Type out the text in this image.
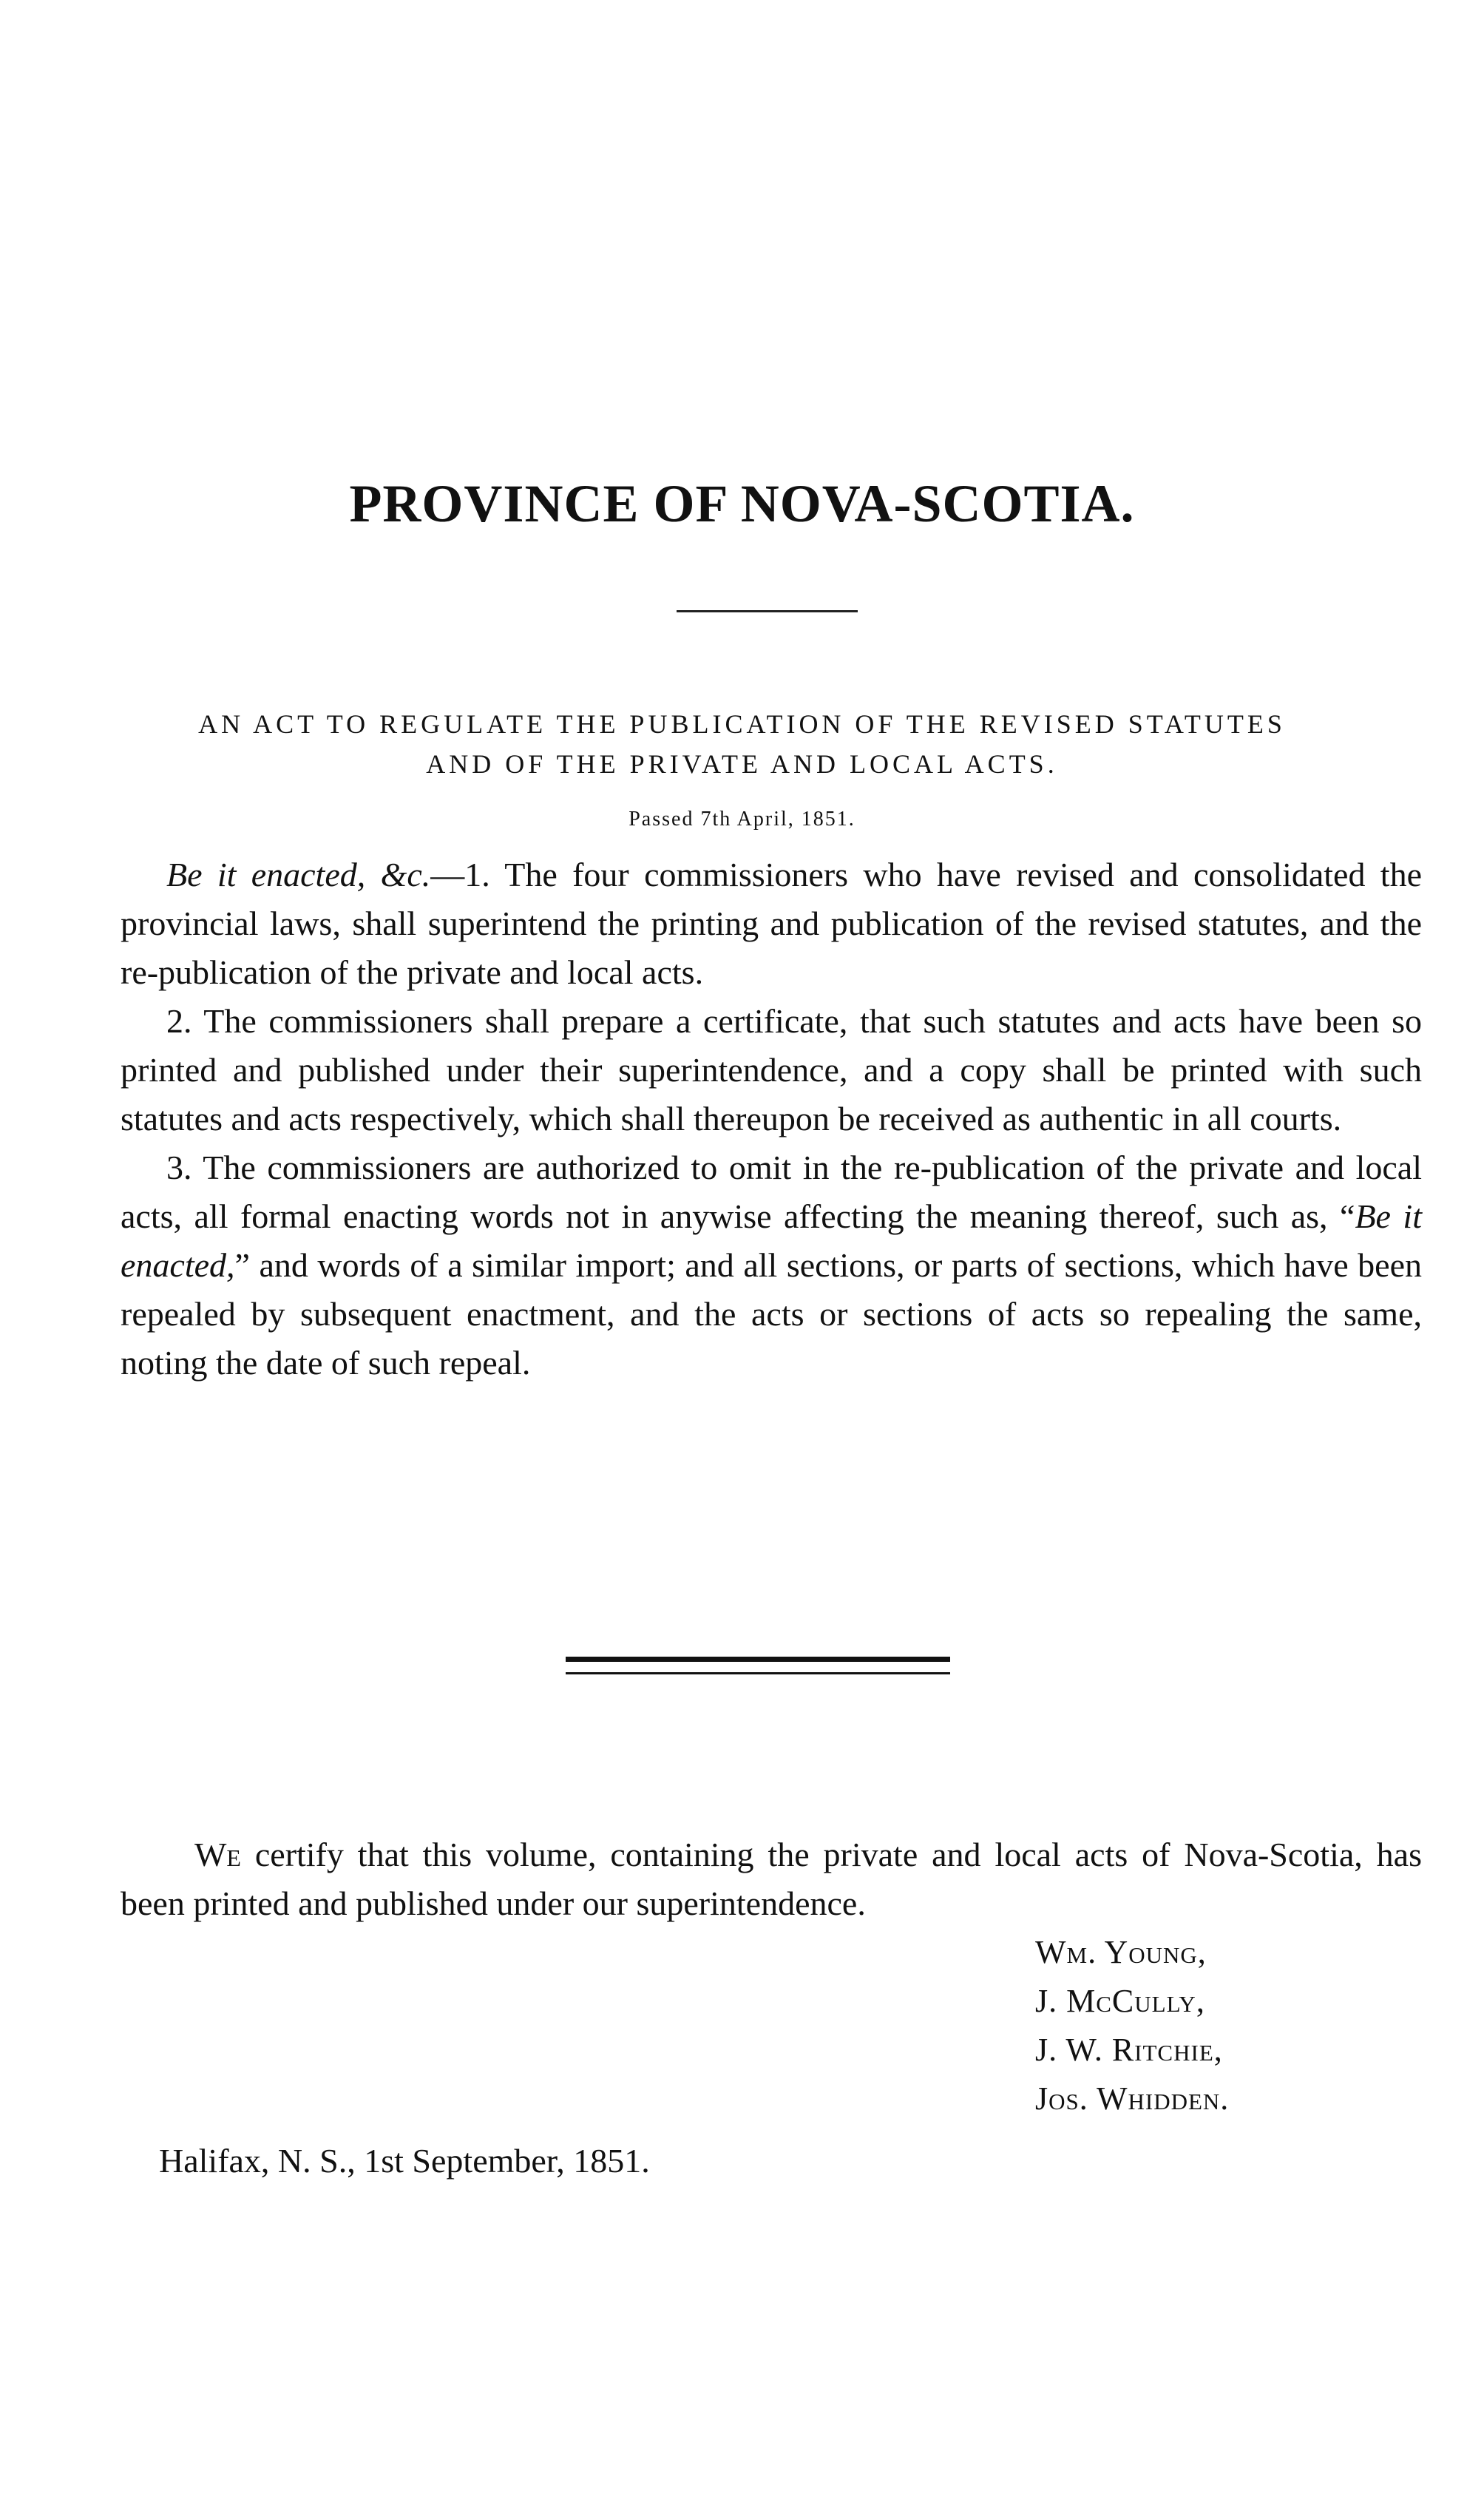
PROVINCE OF NOVA-SCOTIA.
AN ACT TO REGULATE THE PUBLICATION OF THE REVISED STATUTES
AND OF THE PRIVATE AND LOCAL ACTS.
Passed 7th April, 1851.

Be it enacted, &c.—1. The four commissioners who have revised and consolidated the provincial laws, shall superintend the printing and publication of the revised statutes, and the re-publication of the private and local acts.

2. The commissioners shall prepare a certificate, that such statutes and acts have been so printed and published under their superintendence, and a copy shall be printed with such statutes and acts respectively, which shall thereupon be received as authentic in all courts.

3. The commissioners are authorized to omit in the re-publication of the private and local acts, all formal enacting words not in anywise affecting the meaning thereof, such as, “Be it enacted,” and words of a similar import; and all sections, or parts of sections, which have been repealed by subsequent enactment, and the acts or sections of acts so repealing the same, noting the date of such repeal.

We certify that this volume, containing the private and local acts of Nova-Scotia, has been printed and published under our superintendence.

Wm. Young,
J. McCully,
J. W. Ritchie,
Jos. Whidden.
Halifax, N. S., 1st September, 1851.
